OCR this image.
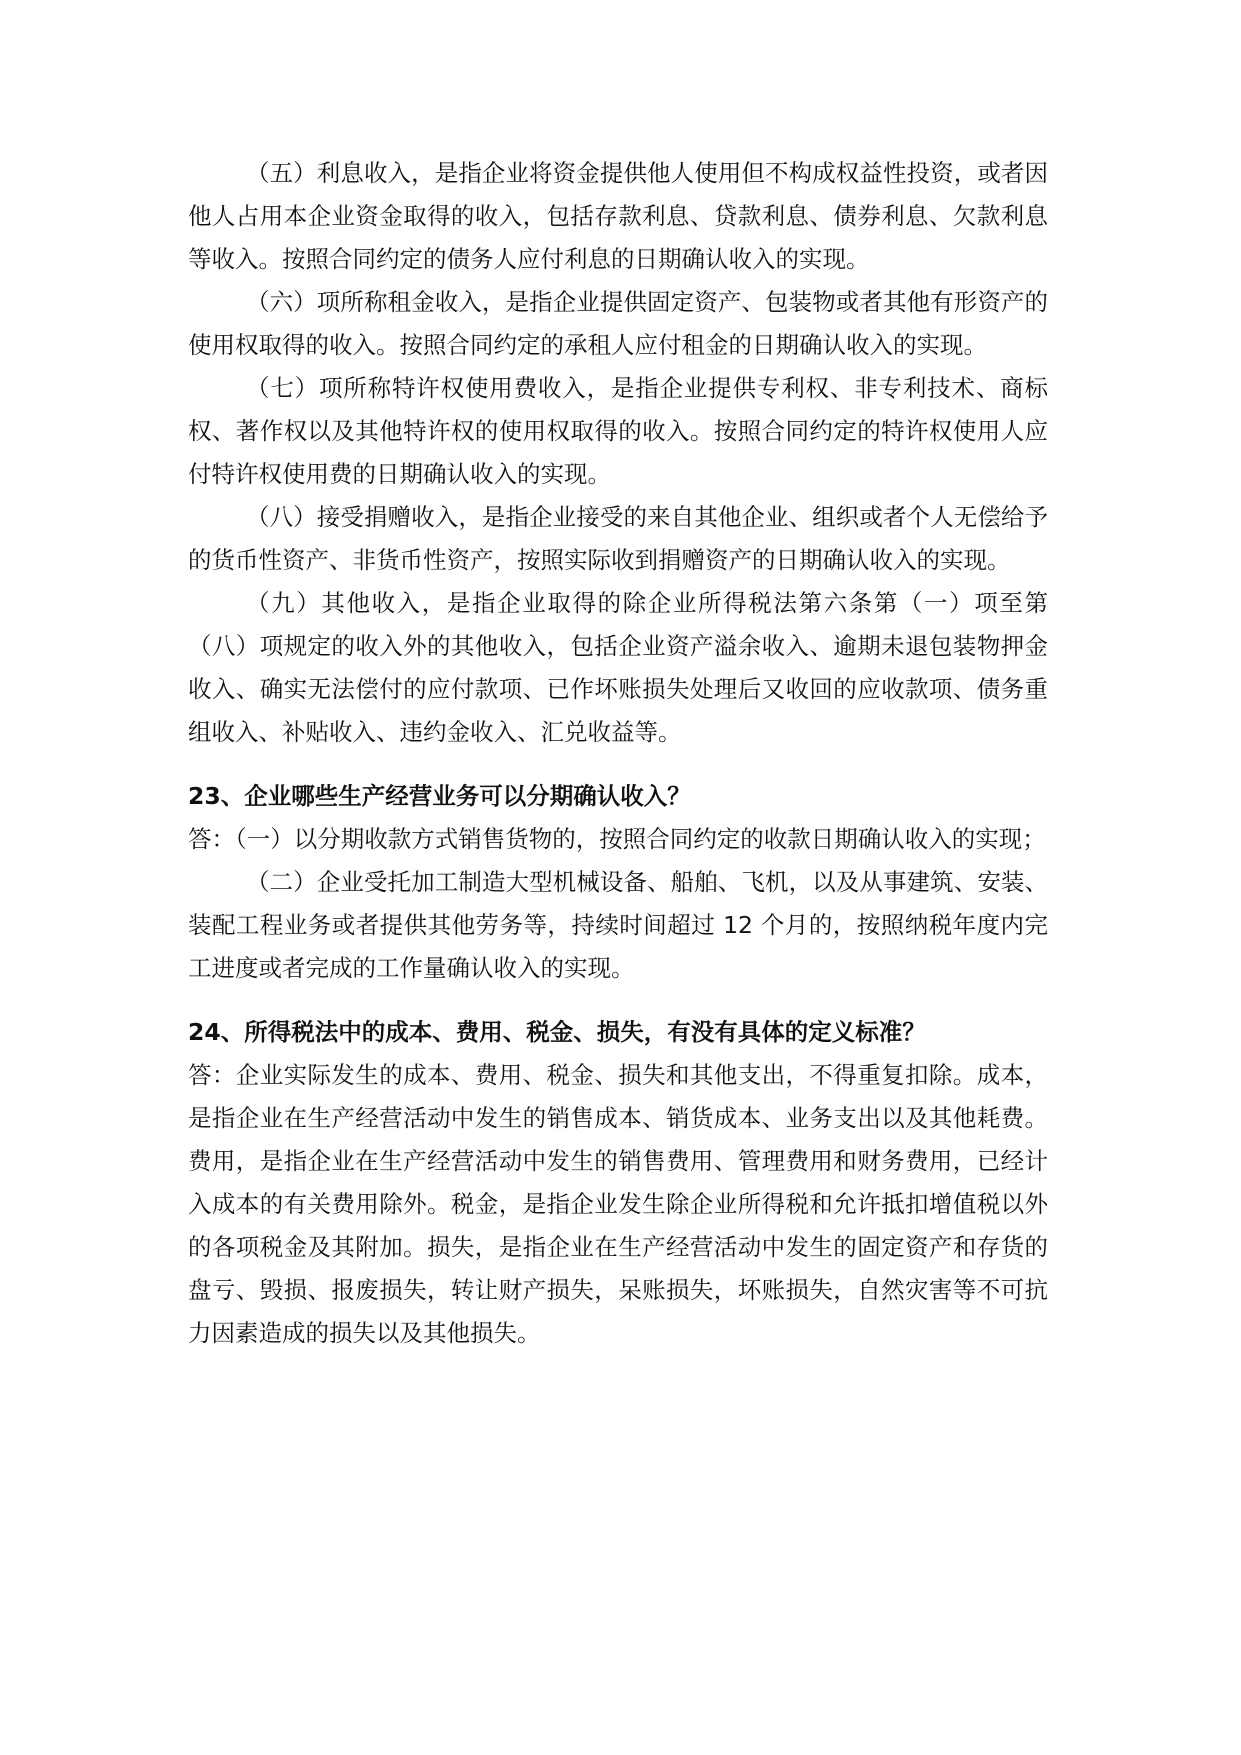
（五）利息收入，是指企业将资金提供他人使用但不构成权益性投资，或者因他人占用本企业资金取得的收入，包括存款利息、贷款利息、债券利息、欠款利息等收入。按照合同约定的债务人应付利息的日期确认收入的实现。

（六）项所称租金收入，是指企业提供固定资产、包装物或者其他有形资产的使用权取得的收入。按照合同约定的承租人应付租金的日期确认收入的实现。

（七）项所称特许权使用费收入，是指企业提供专利权、非专利技术、商标权、著作权以及其他特许权的使用权取得的收入。按照合同约定的特许权使用人应付特许权使用费的日期确认收入的实现。

（八）接受捐赠收入，是指企业接受的来自其他企业、组织或者个人无偿给予的货币性资产、非货币性资产，按照实际收到捐赠资产的日期确认收入的实现。

（九）其他收入，是指企业取得的除企业所得税法第六条第（一）项至第（八）项规定的收入外的其他收入，包括企业资产溢余收入、逾期未退包装物押金收入、确实无法偿付的应付款项、已作坏账损失处理后又收回的应收款项、债务重组收入、补贴收入、违约金收入、汇兑收益等。

23、企业哪些生产经营业务可以分期确认收入？

答：（一）以分期收款方式销售货物的，按照合同约定的收款日期确认收入的实现；

（二）企业受托加工制造大型机械设备、船舶、飞机，以及从事建筑、安装、装配工程业务或者提供其他劳务等，持续时间超过 12 个月的，按照纳税年度内完工进度或者完成的工作量确认收入的实现。

24、所得税法中的成本、费用、税金、损失，有没有具体的定义标准？

答：企业实际发生的成本、费用、税金、损失和其他支出，不得重复扣除。成本，是指企业在生产经营活动中发生的销售成本、销货成本、业务支出以及其他耗费。费用，是指企业在生产经营活动中发生的销售费用、管理费用和财务费用，已经计入成本的有关费用除外。税金，是指企业发生除企业所得税和允许抵扣增值税以外的各项税金及其附加。损失，是指企业在生产经营活动中发生的固定资产和存货的盘亏、毁损、报废损失，转让财产损失，呆账损失，坏账损失，自然灾害等不可抗力因素造成的损失以及其他损失。
